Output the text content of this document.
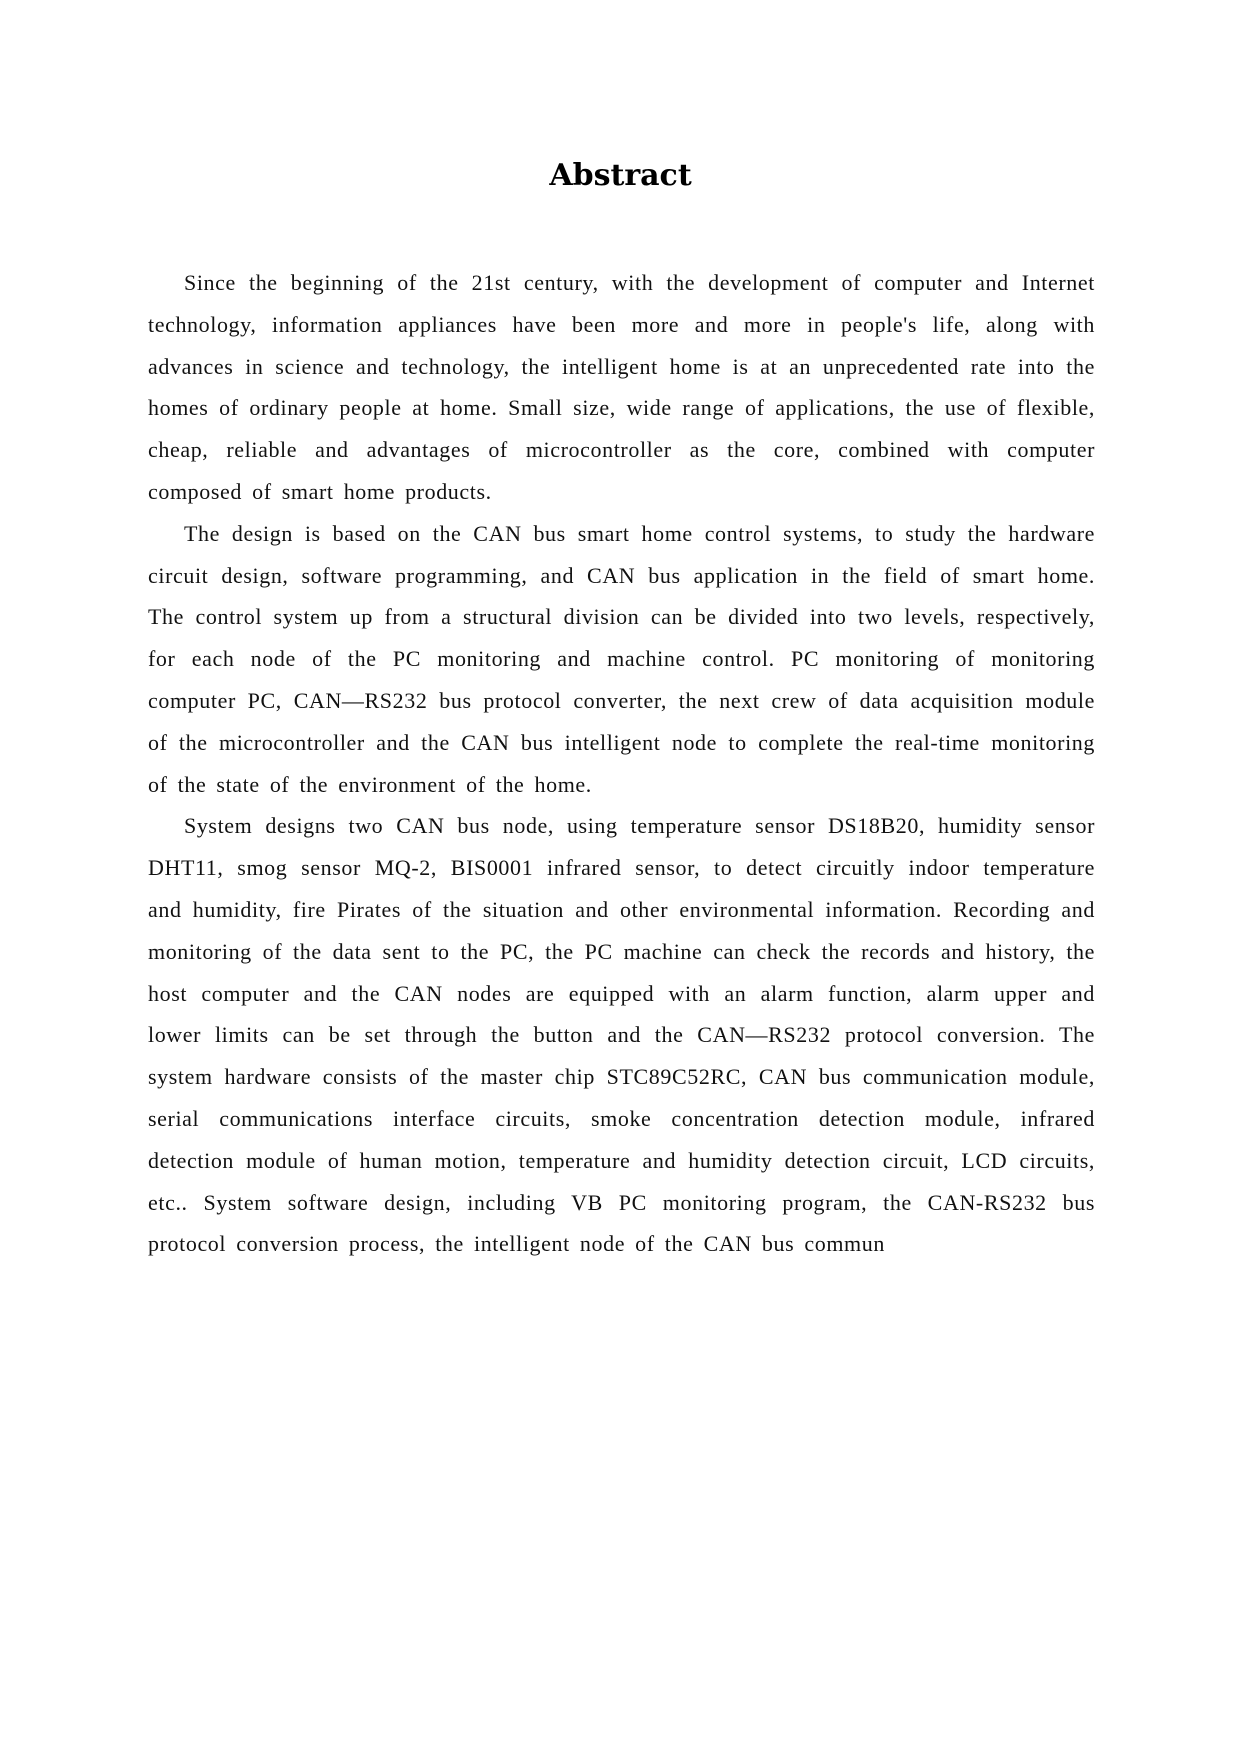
Abstract

Since the beginning of the 21st century, with the development of computer and Internet technology, information appliances have been more and more in people's life, along with advances in science and technology, the intelligent home is at an unprecedented rate into the homes of ordinary people at home. Small size, wide range of applications, the use of flexible, cheap, reliable and advantages of microcontroller as the core, combined with computer composed of smart home products.

The design is based on the CAN bus smart home control systems, to study the hardware circuit design, software programming, and CAN bus application in the field of smart home. The control system up from a structural division can be divided into two levels, respectively, for each node of the PC monitoring and machine control. PC monitoring of monitoring computer PC, CAN—RS232 bus protocol converter, the next crew of data acquisition module of the microcontroller and the CAN bus intelligent node to complete the real-time monitoring of the state of the environment of the home.

System designs two CAN bus node, using temperature sensor DS18B20, humidity sensor DHT11, smog sensor MQ-2, BIS0001 infrared sensor, to detect circuitly indoor temperature and humidity, fire Pirates of the situation and other environmental information. Recording and monitoring of the data sent to the PC, the PC machine can check the records and history, the host computer and the CAN nodes are equipped with an alarm function, alarm upper and lower limits can be set through the button and the CAN—RS232 protocol conversion. The system hardware consists of the master chip STC89C52RC, CAN bus communication module, serial communications interface circuits, smoke concentration detection module, infrared detection module of human motion, temperature and humidity detection circuit, LCD circuits, etc.. System software design, including VB PC monitoring program, the CAN-RS232 bus protocol conversion process, the intelligent node of the CAN bus commun
